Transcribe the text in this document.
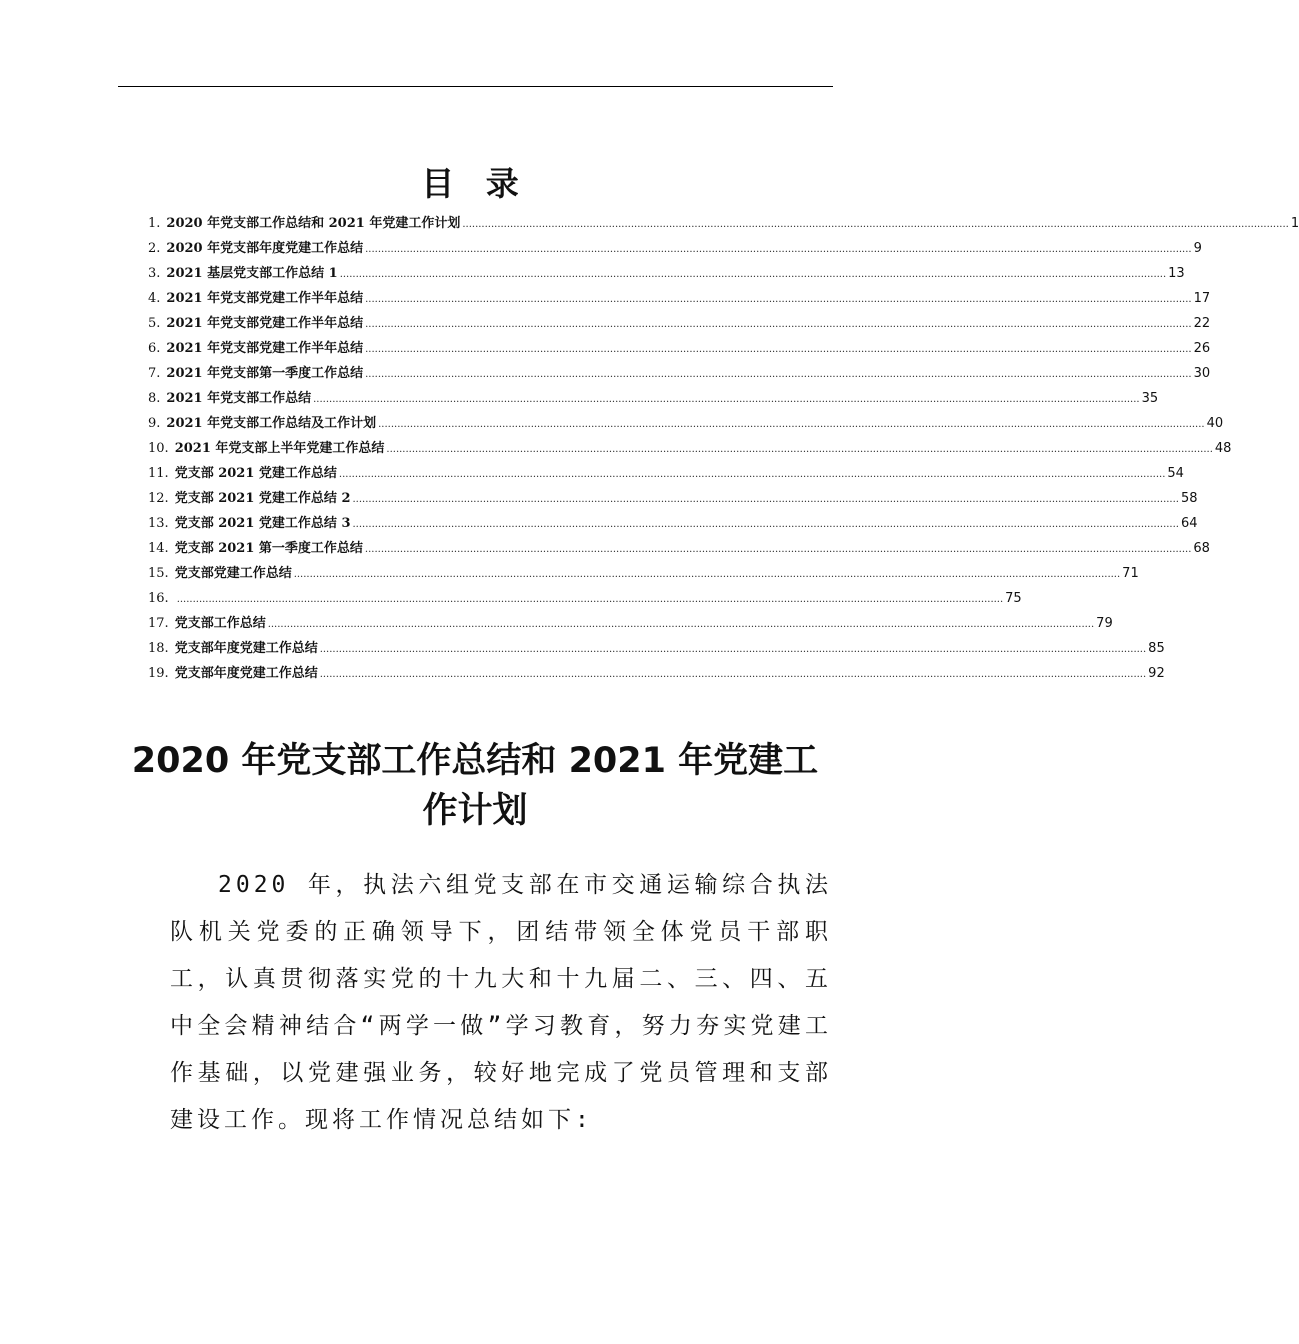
目 录
1. 2020 年党支部工作总结和 2021 年党建工作计划 .................................................................................................................................................................................................................................................................... 1
2. 2020 年党支部年度党建工作总结 .................................................................................................................................................................................................................................................................... 9
3. 2021 基层党支部工作总结 1 .................................................................................................................................................................................................................................................................... 13
4. 2021 年党支部党建工作半年总结 .................................................................................................................................................................................................................................................................... 17
5. 2021 年党支部党建工作半年总结 .................................................................................................................................................................................................................................................................... 22
6. 2021 年党支部党建工作半年总结 .................................................................................................................................................................................................................................................................... 26
7. 2021 年党支部第一季度工作总结 .................................................................................................................................................................................................................................................................... 30
8. 2021 年党支部工作总结 .................................................................................................................................................................................................................................................................... 35
9. 2021 年党支部工作总结及工作计划 .................................................................................................................................................................................................................................................................... 40
10. 2021 年党支部上半年党建工作总结 .................................................................................................................................................................................................................................................................... 48
11. 党支部 2021 党建工作总结 .................................................................................................................................................................................................................................................................... 54
12. 党支部 2021 党建工作总结 2 .................................................................................................................................................................................................................................................................... 58
13. 党支部 2021 党建工作总结 3 .................................................................................................................................................................................................................................................................... 64
14. 党支部 2021 第一季度工作总结 .................................................................................................................................................................................................................................................................... 68
15. 党支部党建工作总结 .................................................................................................................................................................................................................................................................... 71
16. .................................................................................................................................................................................................................................................................... 75
17. 党支部工作总结 .................................................................................................................................................................................................................................................................... 79
18. 党支部年度党建工作总结 .................................................................................................................................................................................................................................................................... 85
19. 党支部年度党建工作总结 .................................................................................................................................................................................................................................................................... 92
2020 年党支部工作总结和 2021 年党建工作计划

2020 年，执法六组党支部在市交通运输综合执法队机关党委的正确领导下，团结带领全体党员干部职工，认真贯彻落实党的十九大和十九届二、三、四、五中全会精神结合“两学一做”学习教育，努力夯实党建工作基础，以党建强业务，较好地完成了党员管理和支部建设工作。现将工作情况总结如下:
